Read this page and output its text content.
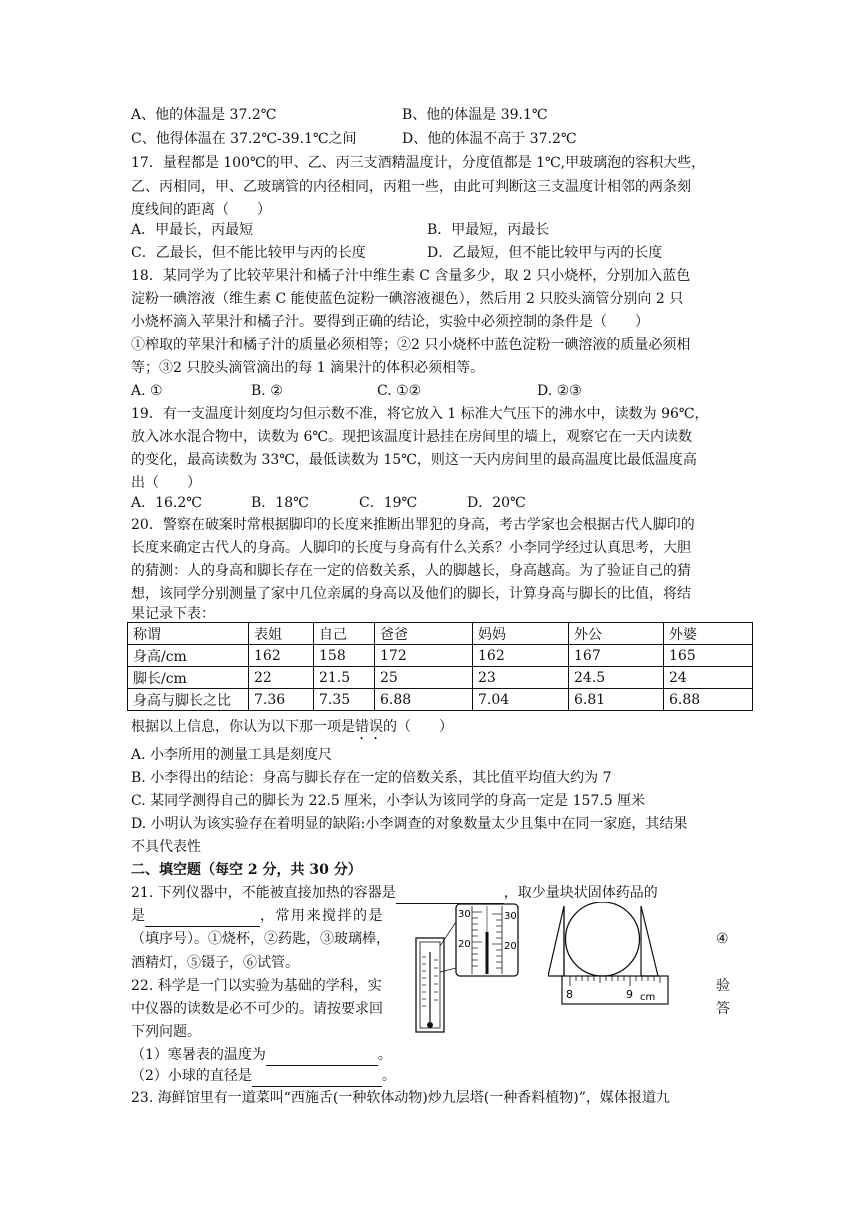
A、他的体温是 37.2℃	B、他的体温是 39.1℃
C、他得体温在 37.2℃-39.1℃之间	D、他的体温不高于 37.2℃
17．量程都是 100℃的甲、乙、丙三支酒精温度计，分度值都是 1℃,甲玻璃泡的容积大些，
乙、丙相同，甲、乙玻璃管的内径相同，丙粗一些，由此可判断这三支温度计相邻的两条刻
度线间的距离（　　）
A．甲最长，丙最短	B．甲最短，丙最长
C．乙最长，但不能比较甲与丙的长度	D．乙最短，但不能比较甲与丙的长度
18．某同学为了比较苹果汁和橘子汁中维生素 C 含量多少，取 2 只小烧杯，分别加入蓝色
淀粉一碘溶液（维生素 C 能使蓝色淀粉一碘溶液褪色），然后用 2 只胶头滴管分别向 2 只
小烧杯滴入苹果汁和橘子汁。要得到正确的结论，实验中必须控制的条件是（　　）
①榨取的苹果汁和橘子汁的质量必须相等；②2 只小烧杯中蓝色淀粉一碘溶液的质量必须相
等；③2 只胶头滴管滴出的每 1 滴果汁的体积必须相等。
A. ①	B. ②	C. ①②	D. ②③
19．有一支温度计刻度均匀但示数不准，将它放入 1 标准大气压下的沸水中，读数为 96℃，
放入冰水混合物中，读数为 6℃。现把该温度计悬挂在房间里的墙上，观察它在一天内读数
的变化，最高读数为 33℃，最低读数为 15℃，则这一天内房间里的最高温度比最低温度高
出（　　）
A．16.2℃	B．18℃	C．19℃	D．20℃
20．警察在破案时常根据脚印的长度来推断出罪犯的身高，考古学家也会根据古代人脚印的
长度来确定古代人的身高。人脚印的长度与身高有什么关系？小李同学经过认真思考，大胆
的猜测：人的身高和脚长存在一定的倍数关系，人的脚越长，身高越高。为了验证自己的猜
想，该同学分别测量了家中几位亲属的身高以及他们的脚长，计算身高与脚长的比值，将结
果记录下表：
称谓	表姐	自己	爸爸	妈妈	外公	外婆
身高/cm	162	158	172	162	167	165
脚长/cm	22	21.5	25	23	24.5	24
身高与脚长之比	7.36	7.35	6.88	7.04	6.81	6.88
根据以上信息，你认为以下那一项是错误的（　　）
A. 小李所用的测量工具是刻度尺
B. 小李得出的结论：身高与脚长存在一定的倍数关系，其比值平均值大约为 7
C. 某同学测得自己的脚长为 22.5 厘米，小李认为该同学的身高一定是 157.5 厘米
D. 小明认为该实验存在着明显的缺陷:小李调查的对象数量太少且集中在同一家庭，其结果
不具代表性
二、填空题（每空 2 分，共 30 分）
21. 下列仪器中，不能被直接加热的容器是	，取少量块状固体药品的
是	，常用来搅拌的是
（填序号）。①烧杯，②药匙，③玻璃棒，	④
酒精灯，⑤镊子，⑥试管。
22. 科学是一门以实验为基础的学科，实	验
中仪器的读数是必不可少的。请按要求回	答
下列问题。
（1）寒暑表的温度为	。
（2）小球的直径是	。
23. 海鲜馆里有一道菜叫“西施舌(一种软体动物)炒九层塔(一种香料植物)”，媒体报道九
30	30
20	20
8	9 cm
